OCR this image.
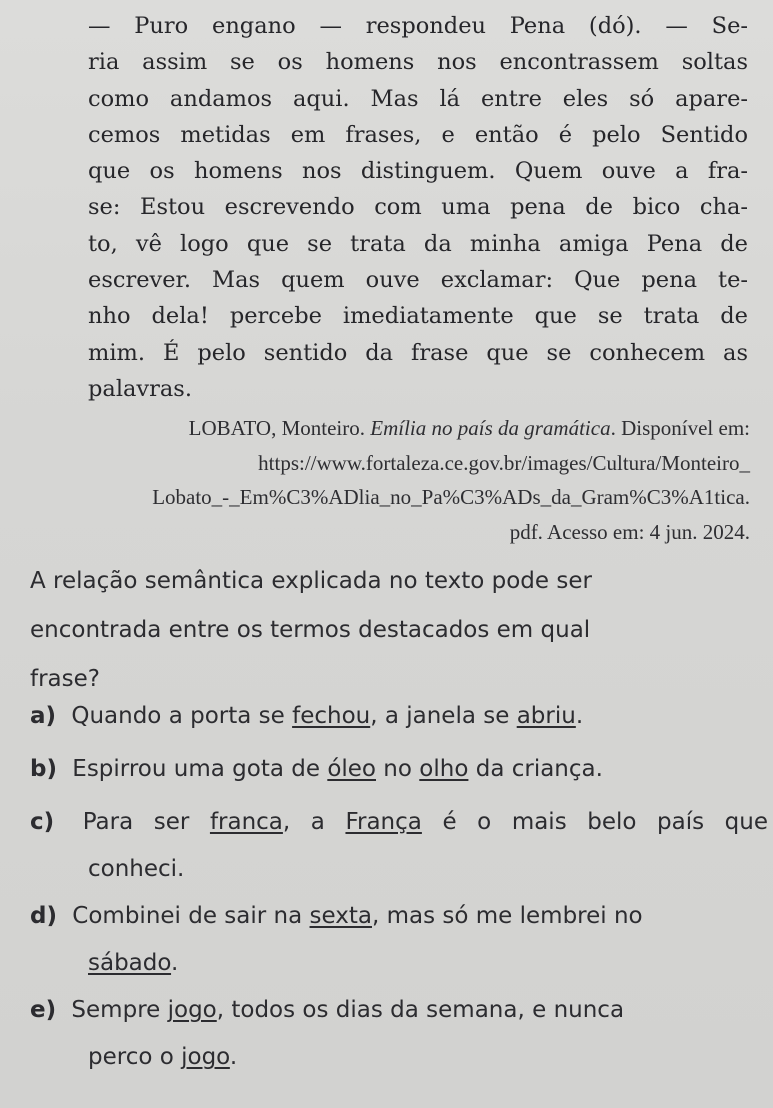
— Puro engano — respondeu Pena (dó). — Se-
ria assim se os homens nos encontrassem soltas
como andamos aqui. Mas lá entre eles só apare-
cemos metidas em frases, e então é pelo Sentido
que os homens nos distinguem. Quem ouve a fra-
se: Estou escrevendo com uma pena de bico cha-
to, vê logo que se trata da minha amiga Pena de
escrever. Mas quem ouve exclamar: Que pena te-
nho dela! percebe imediatamente que se trata de
mim. É pelo sentido da frase que se conhecem as
palavras.
LOBATO, Monteiro. Emília no país da gramática. Disponível em:
https://www.fortaleza.ce.gov.br/images/Cultura/Monteiro_
Lobato_-_Em%C3%ADlia_no_Pa%C3%ADs_da_Gram%C3%A1tica.
pdf. Acesso em: 4 jun. 2024.
A relação semântica explicada no texto pode ser
encontrada entre os termos destacados em qual
frase?
a) Quando a porta se fechou, a janela se abriu.
b) Espirrou uma gota de óleo no olho da criança.
c) Para ser franca, a França é o mais belo país que
conheci.
d) Combinei de sair na sexta, mas só me lembrei no
sábado.
e) Sempre jogo, todos os dias da semana, e nunca
perco o jogo.
